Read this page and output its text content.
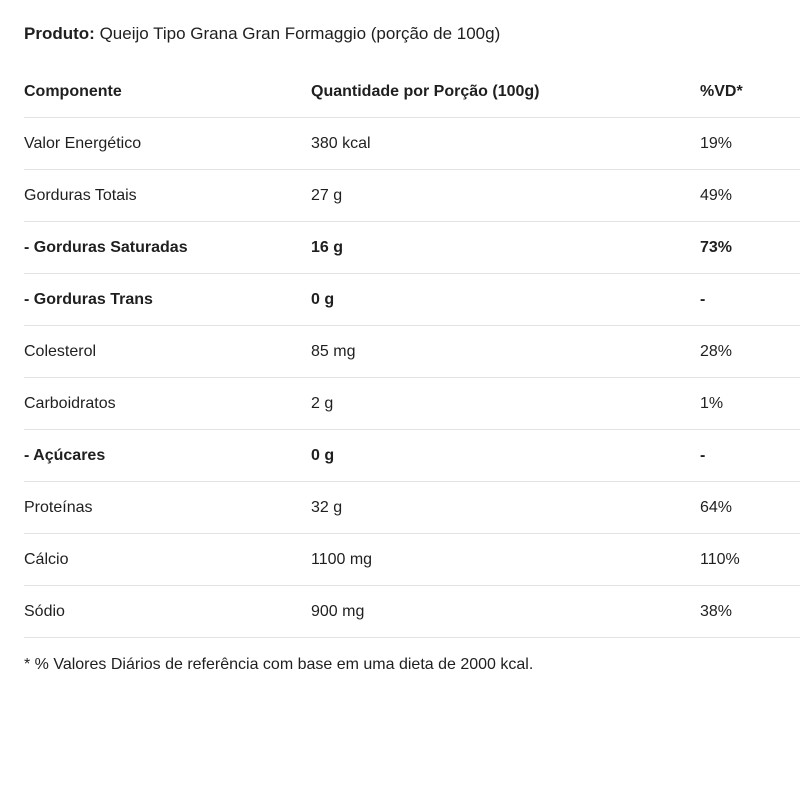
Produto: Queijo Tipo Grana Gran Formaggio (porção de 100g)
Componente	Quantidade por Porção (100g)	%VD*
Valor Energético	380 kcal	19%
Gorduras Totais	27 g	49%
- Gorduras Saturadas	16 g	73%
- Gorduras Trans	0 g	-
Colesterol	85 mg	28%
Carboidratos	2 g	1%
- Açúcares	0 g	-
Proteínas	32 g	64%
Cálcio	1100 mg	110%
Sódio	900 mg	38%
* % Valores Diários de referência com base em uma dieta de 2000 kcal.
